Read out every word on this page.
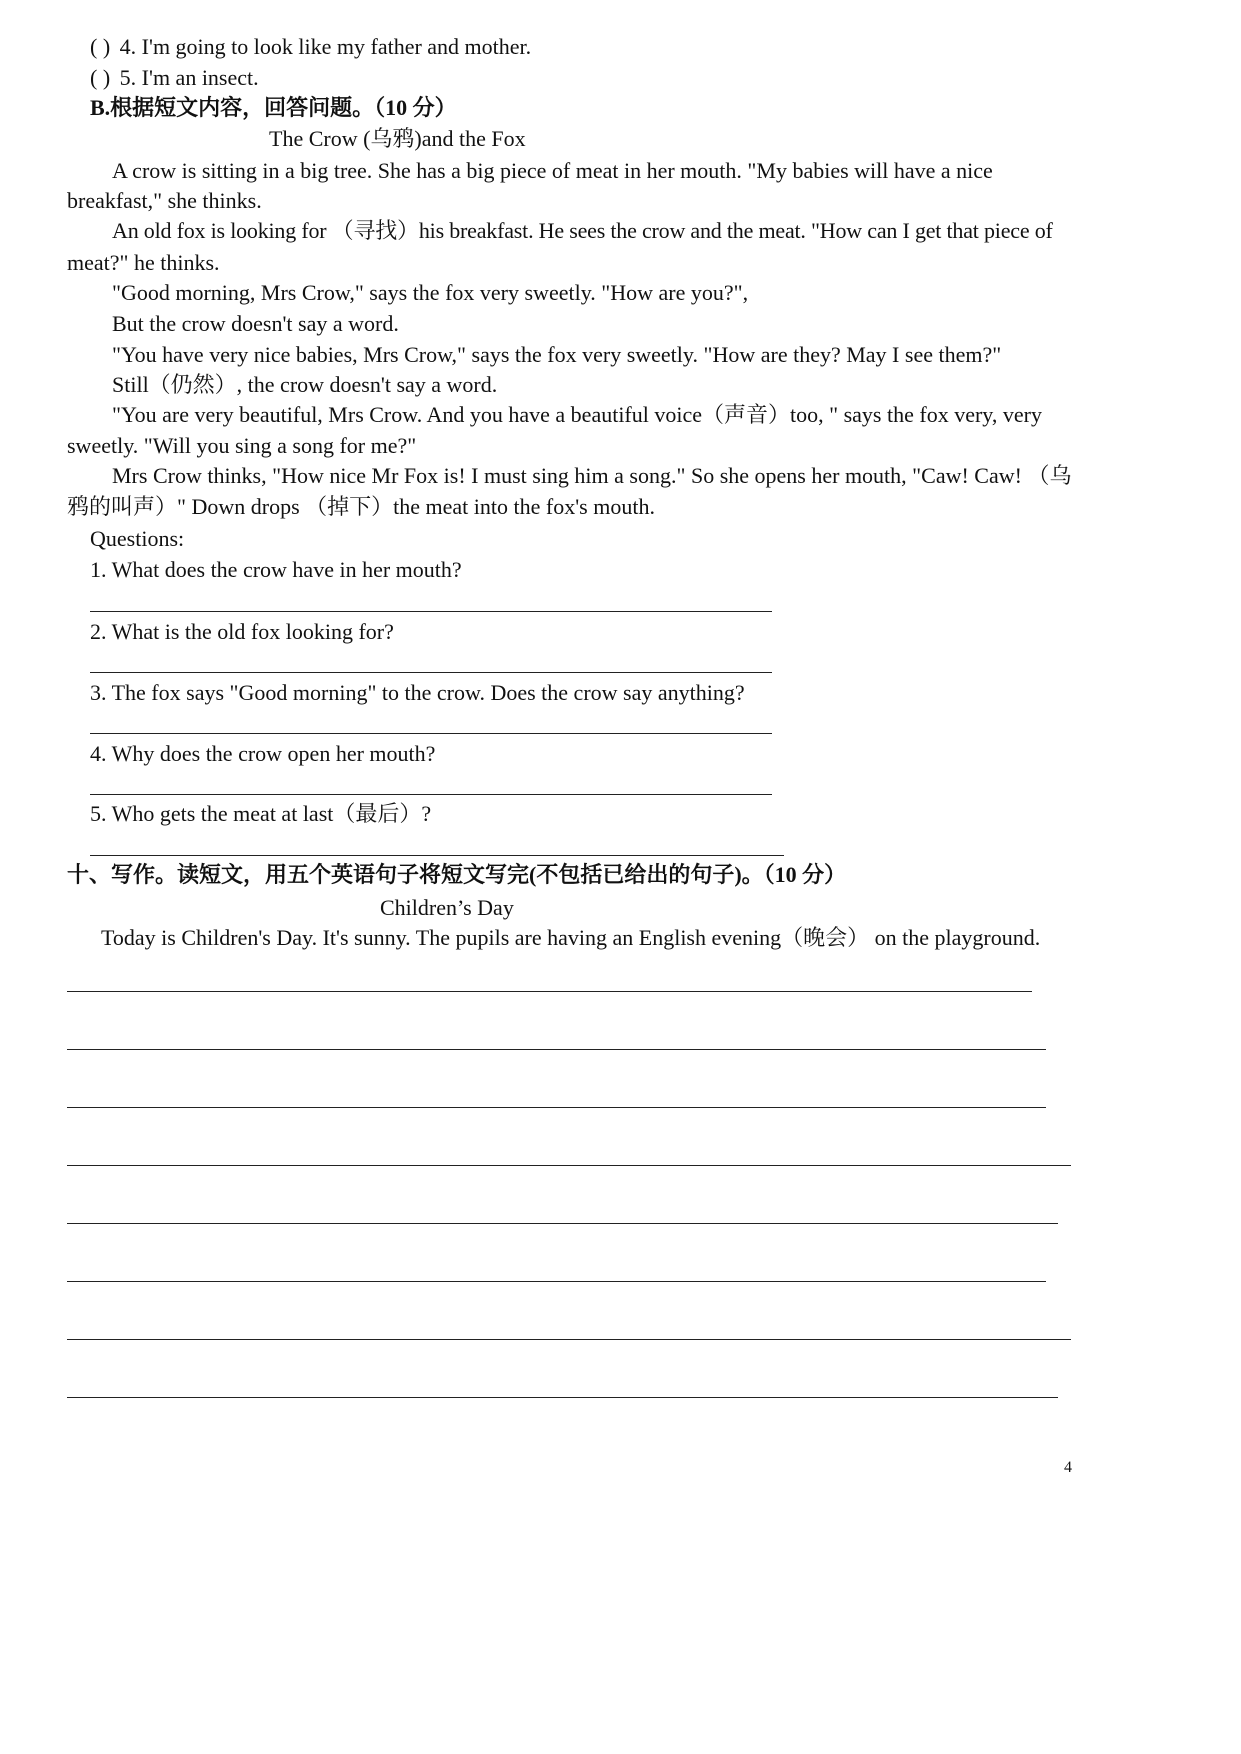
( ) 4. I'm going to look like my father and mother.
( ) 5. I'm an insect.
B.根据短文内容，回答问题。（10 分）
The Crow (乌鸦)and the Fox
A crow is sitting in a big tree. She has a big piece of meat in her mouth. "My babies will have a nice
breakfast," she thinks.
An old fox is looking for （寻找）his breakfast. He sees the crow and the meat. "How can I get that piece of
meat?" he thinks.
"Good morning, Mrs Crow," says the fox very sweetly. "How are you?",
But the crow doesn't say a word.
"You have very nice babies, Mrs Crow," says the fox very sweetly. "How are they? May I see them?"
Still（仍然）, the crow doesn't say a word.
"You are very beautiful, Mrs Crow. And you have a beautiful voice（声音）too, " says the fox very, very
sweetly. "Will you sing a song for me?"
Mrs Crow thinks, "How nice Mr Fox is! I must sing him a song." So she opens her mouth, "Caw! Caw! （乌
鸦的叫声）" Down drops （掉下）the meat into the fox's mouth.
Questions:
1. What does the crow have in her mouth?
2. What is the old fox looking for?
3. The fox says "Good morning" to the crow. Does the crow say anything?
4. Why does the crow open her mouth?
5. Who gets the meat at last（最后）?
十、写作。读短文，用五个英语句子将短文写完(不包括已给出的句子)。（10 分）
Children’s Day
Today is Children's Day. It's sunny. The pupils are having an English evening（晚会） on the playground.
4
